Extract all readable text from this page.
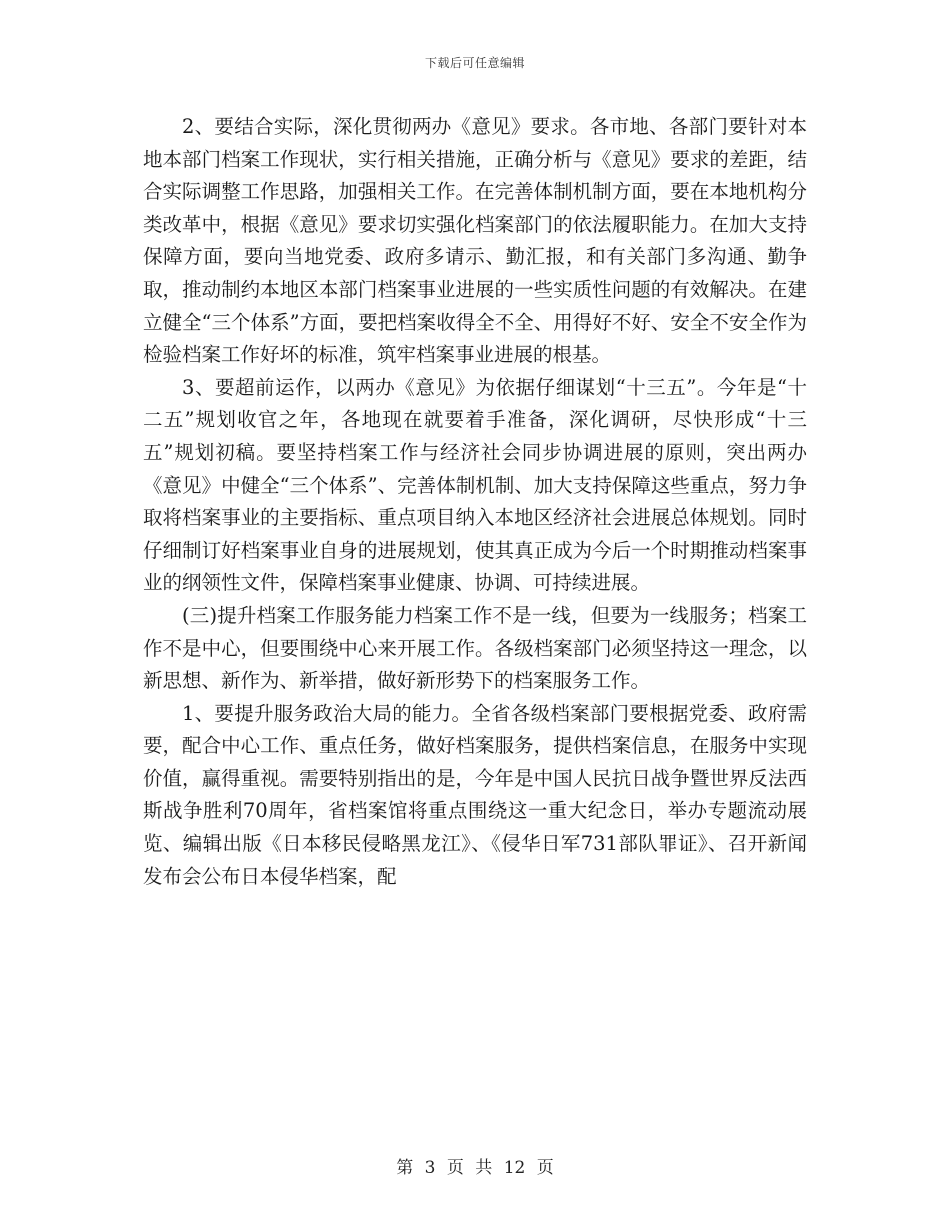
下载后可任意编辑

2、要结合实际，深化贯彻两办《意见》要求。各市地、各部门要针对本地本部门档案工作现状，实行相关措施，正确分析与《意见》要求的差距，结合实际调整工作思路，加强相关工作。在完善体制机制方面，要在本地机构分类改革中，根据《意见》要求切实强化档案部门的依法履职能力。在加大支持保障方面，要向当地党委、政府多请示、勤汇报，和有关部门多沟通、勤争取，推动制约本地区本部门档案事业进展的一些实质性问题的有效解决。在建立健全“三个体系”方面，要把档案收得全不全、用得好不好、安全不安全作为检验档案工作好坏的标准，筑牢档案事业进展的根基。

3、要超前运作，以两办《意见》为依据仔细谋划“十三五”。今年是“十二五”规划收官之年，各地现在就要着手准备，深化调研，尽快形成“十三五”规划初稿。要坚持档案工作与经济社会同步协调进展的原则，突出两办《意见》中健全“三个体系”、完善体制机制、加大支持保障这些重点，努力争取将档案事业的主要指标、重点项目纳入本地区经济社会进展总体规划。同时仔细制订好档案事业自身的进展规划，使其真正成为今后一个时期推动档案事业的纲领性文件，保障档案事业健康、协调、可持续进展。

(三)提升档案工作服务能力档案工作不是一线，但要为一线服务；档案工作不是中心，但要围绕中心来开展工作。各级档案部门必须坚持这一理念，以新思想、新作为、新举措，做好新形势下的档案服务工作。

1、要提升服务政治大局的能力。全省各级档案部门要根据党委、政府需要，配合中心工作、重点任务，做好档案服务，提供档案信息，在服务中实现价值，赢得重视。需要特别指出的是，今年是中国人民抗日战争暨世界反法西斯战争胜利70周年，省档案馆将重点围绕这一重大纪念日，举办专题流动展览、编辑出版《日本移民侵略黑龙江》、《侵华日军731部队罪证》、召开新闻发布会公布日本侵华档案，配

第 3 页 共 12 页
